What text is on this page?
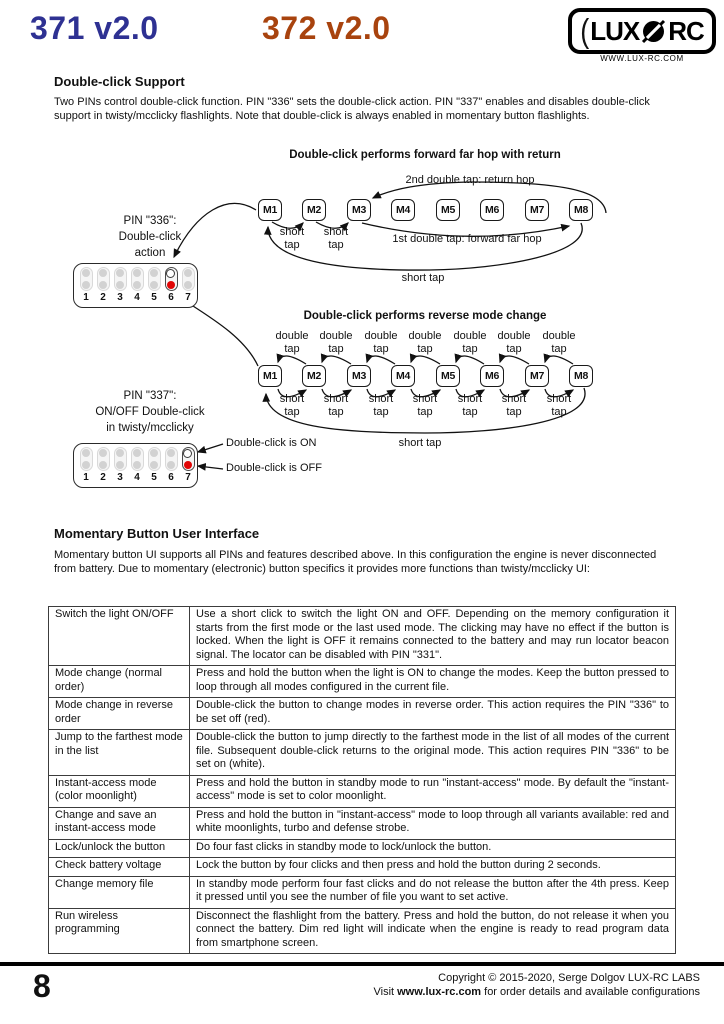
371 v2.0	372 v2.0	( LUX RC
WWW.LUX-RC.COM
Double-click Support
Two PINs control double-click function. PIN "336" sets the double-click action. PIN "337" enables and disables double-click support in twisty/mcclicky flashlights. Note that double-click is always enabled in momentary button flashlights.
Double-click performs forward far hop with return
2nd double tap: return hop
M1	M2	M3	M4	M5	M6	M7	M8
short tap
short tap	1st double tap: forward far hop
short tap
PIN "336":
Double-click
action
1	2	3	4	5	6	7
Double-click performs reverse mode change
double tap
double tap
double tap
double tap
double tap
double tap
double tap
M1	M2	M3	M4	M5	M6	M7	M8
short tap
short tap
short tap
short tap
short tap
short tap
short tap
short tap
PIN "337":
ON/OFF Double-click
in twisty/mcclicky
1	2	3	4	5	6	7
Double-click is ON
Double-click is OFF
Momentary Button User Interface
Momentary button UI supports all PINs and features described above. In this configuration the engine is never disconnected from battery. Due to momentary (electronic) button specifics it provides more functions than twisty/mcclicky UI:
Switch the light ON/OFF	Use a short click to switch the light ON and OFF. Depending on the memory configuration it starts from the first mode or the last used mode. The clicking may have no effect if the button is locked. When the light is OFF it remains connected to the battery and may run locator beacon signal. The locator can be disabled with PIN "331".
Mode change (normal order)	Press and hold the button when the light is ON to change the modes. Keep the button pressed to loop through all modes configured in the current file.
Mode change in reverse order	Double-click the button to change modes in reverse order. This action requires the PIN "336" to be set off (red).
Jump to the farthest mode in the list	Double-click the button to jump directly to the farthest mode in the list of all modes of the current file. Subsequent double-click returns to the original mode. This action requires PIN "336" to be set on (white).
Instant-access mode (color moonlight)	Press and hold the button in standby mode to run "instant-access" mode. By default the "instant-access" mode is set to color moonlight.
Change and save an instant-access mode	Press and hold the button in "instant-access" mode to loop through all variants available: red and white moonlights, turbo and defense strobe.
Lock/unlock the button	Do four fast clicks in standby mode to lock/unlock the button.
Check battery voltage	Lock the button by four clicks and then press and hold the button during 2 seconds.
Change memory file	In standby mode perform four fast clicks and do not release the button after the 4th press. Keep it pressed until you see the number of file you want to set active.
Run wireless programming	Disconnect the flashlight from the battery. Press and hold the button, do not release it when you connect the battery. Dim red light will indicate when the engine is ready to read program data from smartphone screen.
8	Copyright © 2015-2020, Serge Dolgov LUX-RC LABS
Visit www.lux-rc.com for order details and available configurations
